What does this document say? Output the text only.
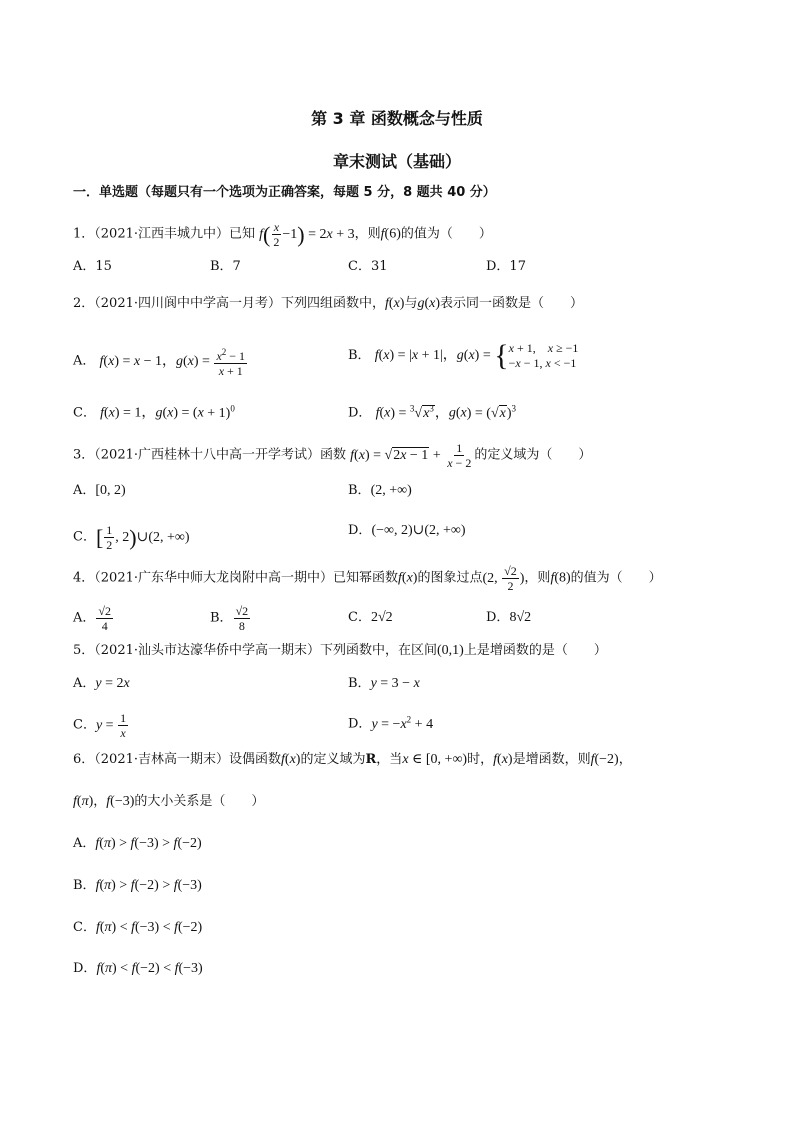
第 3 章 函数概念与性质
章末测试（基础）
一．单选题（每题只有一个选项为正确答案，每题 5 分，8 题共 40 分）
1．（2021·江西丰城九中）已知 $f( \frac{x}{2} -1) = 2x + 3$，则f(6)的值为（　　）
A．15	B．7	C．31	D．17
2．（2021·四川阆中中学高一月考）下列四组函数中，f(x)与g(x)表示同一函数是（　　）
A． f(x) = x − 1，$g(x) = \frac{x^2 - 1}{x + 1}$	B． f(x) = |x + 1|，g(x) = { x + 1,　x ≥ −1
−x − 1, x < −1
C． f(x) = 1，$g(x) = (x + 1)^0$	D． $f(x) = ^3√x^3$，$g(x) = (√x)^3$
3．（2021·广西桂林十八中高一开学考试）函数 $f(x) = √2x - 1 + \frac{1}{x - 2}$ 的定义域为（　　）
A．[0, 2)	B．(2, +∞)
C．[ $\frac{1}{2}$ , 2)∪(2, +∞)	D．(−∞, 2)∪(2, +∞)
4．（2021·广东华中师大龙岗附中高一期中）已知幂函数f(x)的图象过点(2, $\frac{√2}{2}$ )，则f(8)的值为（　　）
A． $\frac{√2}{4}$	B． $\frac{√2}{8}$	C．2√2	D．8√2
5．（2021·汕头市达濠华侨中学高一期末）下列函数中，在区间(0,1)上是增函数的是（　　）
A．y = 2x	B．y = 3 − x
C．$y = \frac{1}{x}$	D．$y = -x^2 + 4$
6．（2021·吉林高一期末）设偶函数f(x)的定义域为R，当x ∈ [0, +∞)时，f(x)是增函数，则f(−2)，
f(π)，f(−3)的大小关系是（　　）
A．f(π) > f(−3) > f(−2)
B．f(π) > f(−2) > f(−3)
C．f(π) < f(−3) < f(−2)
D．f(π) < f(−2) < f(−3)
